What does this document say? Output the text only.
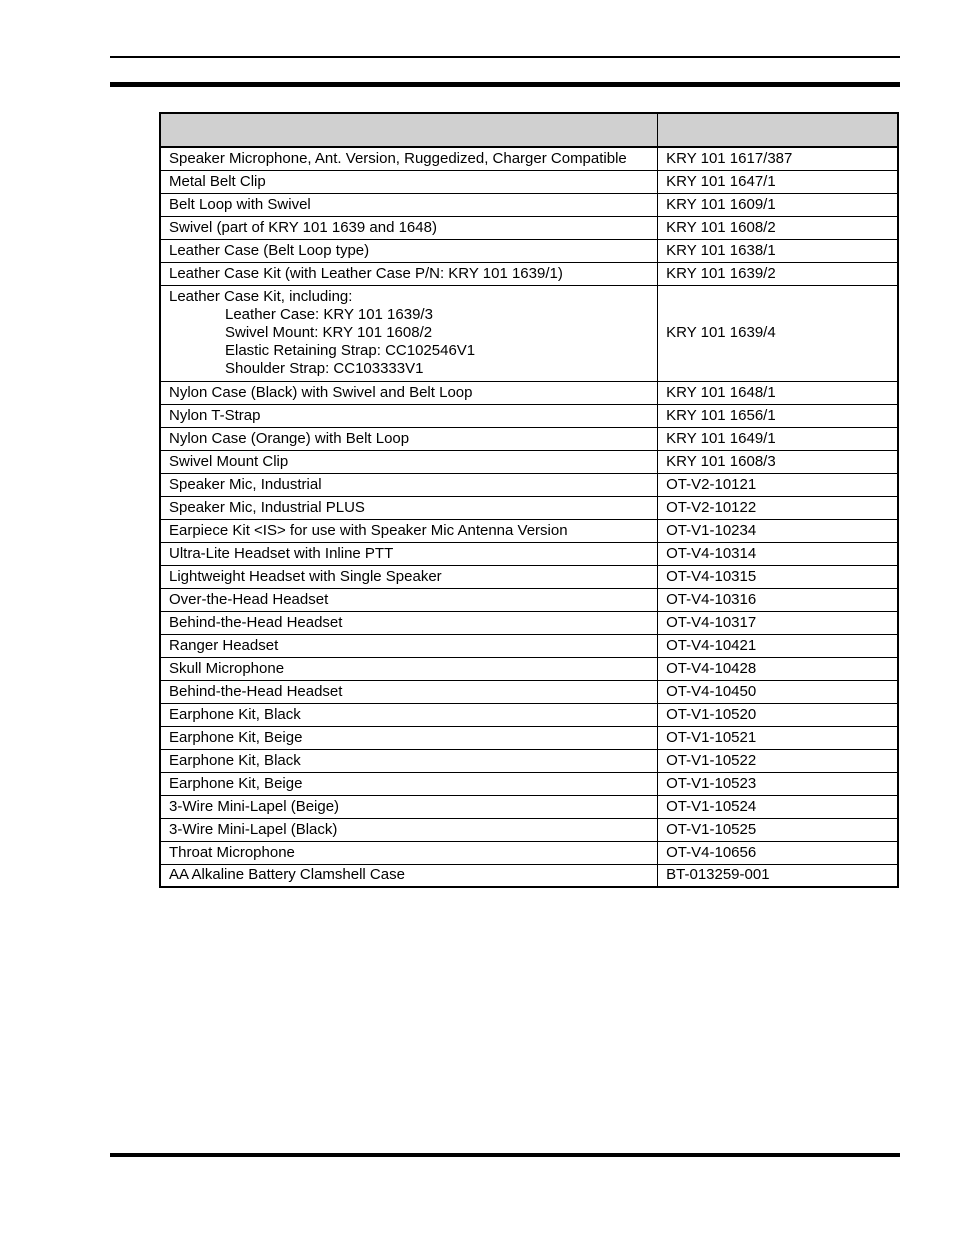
Speaker Microphone, Ant. Version, Ruggedized, Charger Compatible	KRY 101 1617/387
Metal Belt Clip	KRY 101 1647/1
Belt Loop with Swivel	KRY 101 1609/1
Swivel (part of KRY 101 1639 and 1648)	KRY 101 1608/2
Leather Case (Belt Loop type)	KRY 101 1638/1
Leather Case Kit (with Leather Case P/N: KRY 101 1639/1)	KRY 101 1639/2

Leather Case Kit, including:
Leather Case: KRY 101 1639/3
Swivel Mount: KRY 101 1608/2
Elastic Retaining Strap: CC102546V1
Shoulder Strap: CC103333V1	KRY 101 1639/4
Nylon Case (Black) with Swivel and Belt Loop	KRY 101 1648/1
Nylon T-Strap	KRY 101 1656/1
Nylon Case (Orange) with Belt Loop	KRY 101 1649/1
Swivel Mount Clip	KRY 101 1608/3
Speaker Mic, Industrial	OT-V2-10121
Speaker Mic, Industrial PLUS	OT-V2-10122
Earpiece Kit <IS> for use with Speaker Mic Antenna Version	OT-V1-10234
Ultra-Lite Headset with Inline PTT	OT-V4-10314
Lightweight Headset with Single Speaker	OT-V4-10315
Over-the-Head Headset	OT-V4-10316
Behind-the-Head Headset	OT-V4-10317
Ranger Headset	OT-V4-10421
Skull Microphone	OT-V4-10428
Behind-the-Head Headset	OT-V4-10450
Earphone Kit, Black	OT-V1-10520
Earphone Kit, Beige	OT-V1-10521
Earphone Kit, Black	OT-V1-10522
Earphone Kit, Beige	OT-V1-10523
3-Wire Mini-Lapel (Beige)	OT-V1-10524
3-Wire Mini-Lapel (Black)	OT-V1-10525
Throat Microphone	OT-V4-10656
AA Alkaline Battery Clamshell Case	BT-013259-001
